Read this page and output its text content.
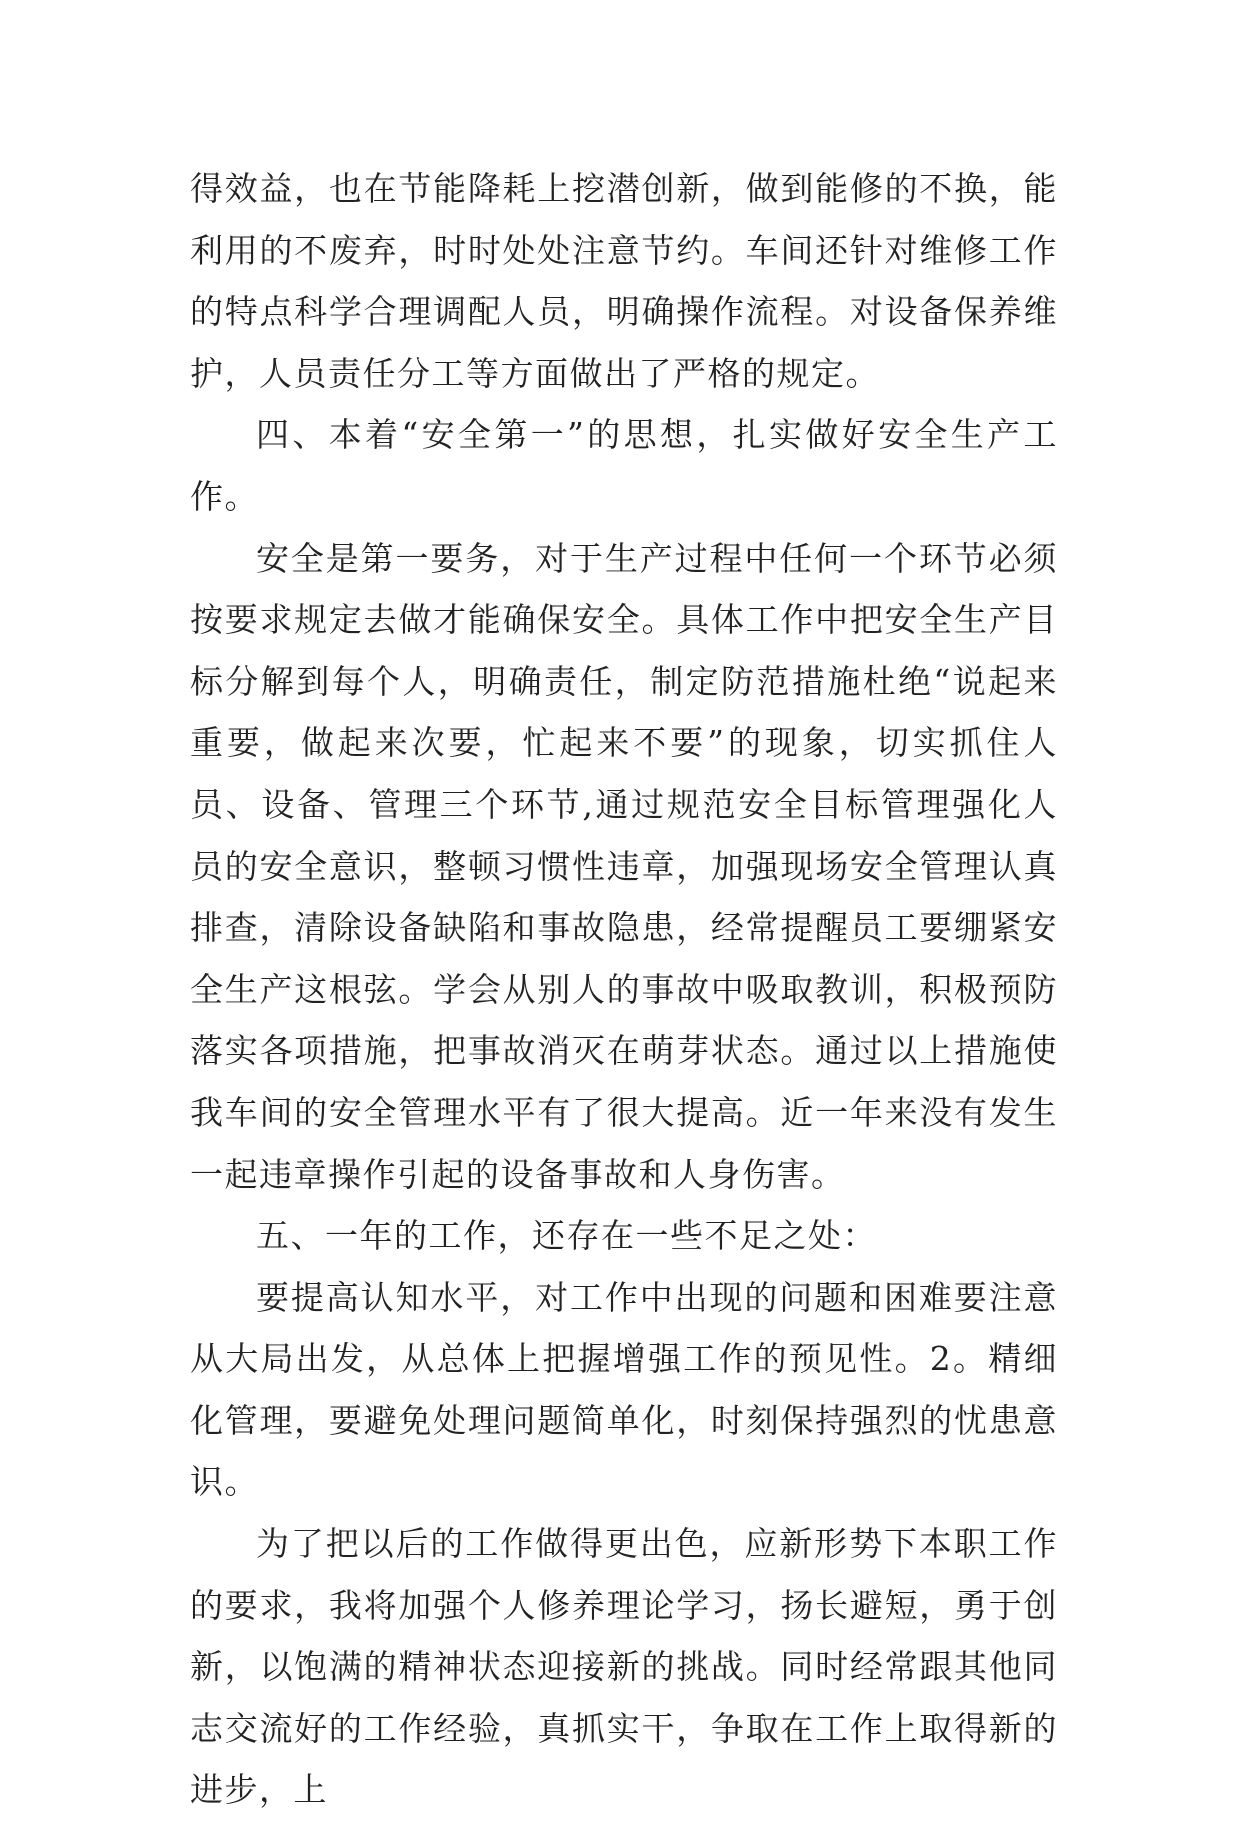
得效益，也在节能降耗上挖潜创新，做到能修的不换，能利用的不废弃，时时处处注意节约。车间还针对维修工作的特点科学合理调配人员，明确操作流程。对设备保养维护，人员责任分工等方面做出了严格的规定。

四、本着“安全第一”的思想，扎实做好安全生产工作。

安全是第一要务，对于生产过程中任何一个环节必须按要求规定去做才能确保安全。具体工作中把安全生产目标分解到每个人，明确责任，制定防范措施杜绝“说起来重要，做起来次要，忙起来不要”的现象，切实抓住人员、设备、管理三个环节,通过规范安全目标管理强化人员的安全意识，整顿习惯性违章，加强现场安全管理认真排查，清除设备缺陷和事故隐患，经常提醒员工要绷紧安全生产这根弦。学会从别人的事故中吸取教训，积极预防落实各项措施，把事故消灭在萌芽状态。通过以上措施使我车间的安全管理水平有了很大提高。近一年来没有发生一起违章操作引起的设备事故和人身伤害。

五、一年的工作，还存在一些不足之处：

要提高认知水平，对工作中出现的问题和困难要注意从大局出发，从总体上把握增强工作的预见性。2。精细化管理，要避免处理问题简单化，时刻保持强烈的忧患意识。

为了把以后的工作做得更出色，应新形势下本职工作的要求，我将加强个人修养理论学习，扬长避短，勇于创新，以饱满的精神状态迎接新的挑战。同时经常跟其他同志交流好的工作经验，真抓实干，争取在工作上取得新的进步，上
